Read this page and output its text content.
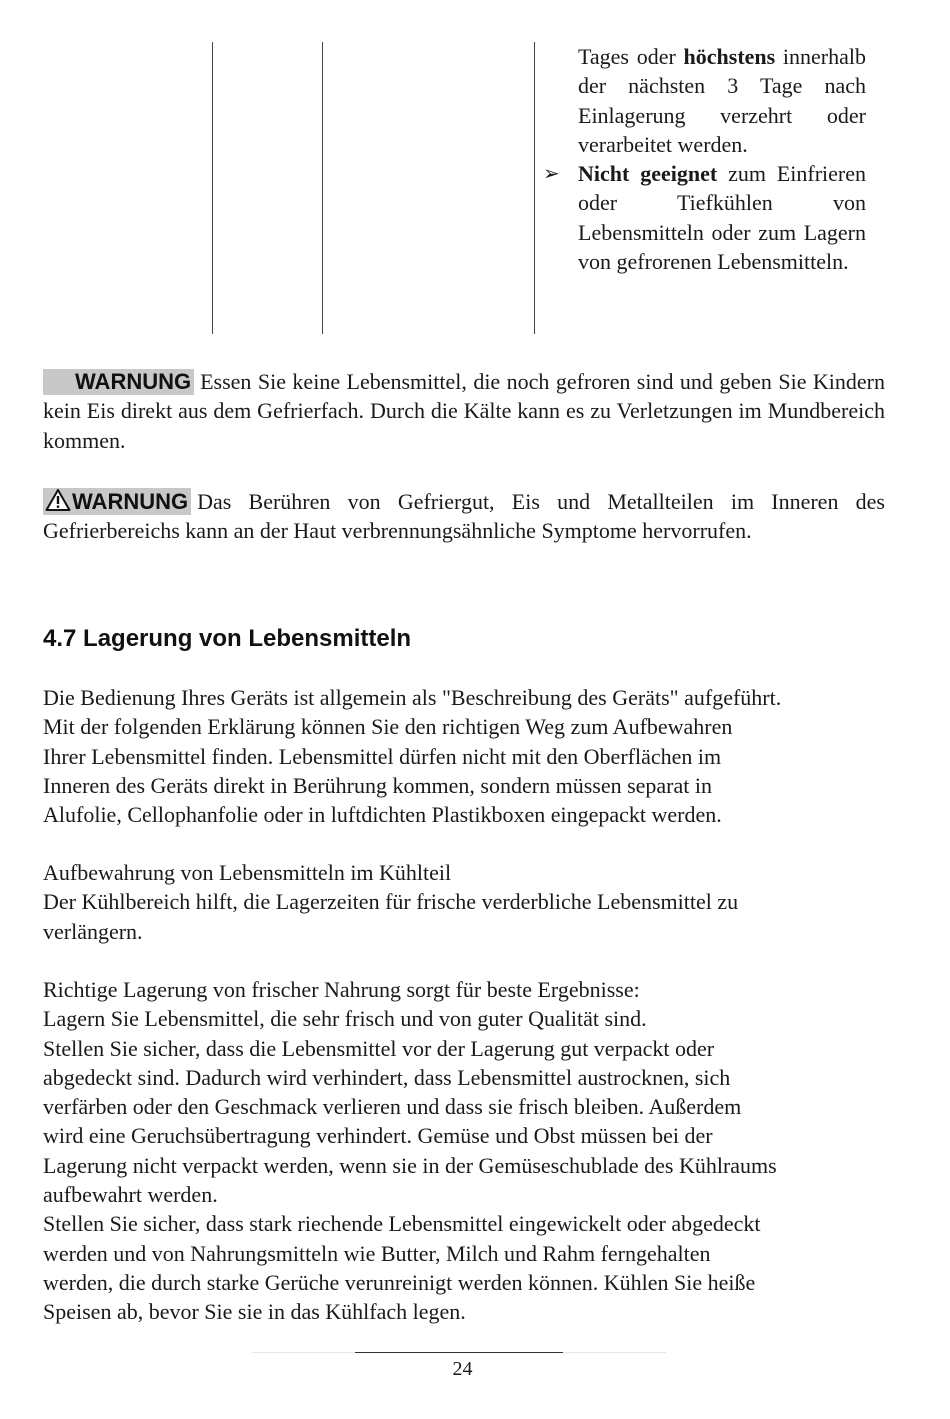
Tages oder höchstens innerhalb der nächsten 3 Tage nach Einlagerung verzehrt oder verarbeitet werden.
➢ Nicht geeignet zum Einfrieren oder Tiefkühlen von Lebensmitteln oder zum Lagern von gefrorenen Lebensmitteln.
WARNUNG Essen Sie keine Lebensmittel, die noch gefroren sind und geben Sie Kindern kein Eis direkt aus dem Gefrierfach. Durch die Kälte kann es zu Verletzungen im Mundbereich kommen.
WARNUNG Das Berühren von Gefriergut, Eis und Metallteilen im Inneren des Gefrierbereichs kann an der Haut verbrennungsähnliche Symptome hervorrufen.
4.7 Lagerung von Lebensmitteln
Die Bedienung Ihres Geräts ist allgemein als "Beschreibung des Geräts" aufgeführt.
Mit der folgenden Erklärung können Sie den richtigen Weg zum Aufbewahren
Ihrer Lebensmittel finden. Lebensmittel dürfen nicht mit den Oberflächen im
Inneren des Geräts direkt in Berührung kommen, sondern müssen separat in
Alufolie, Cellophanfolie oder in luftdichten Plastikboxen eingepackt werden.
Aufbewahrung von Lebensmitteln im Kühlteil
Der Kühlbereich hilft, die Lagerzeiten für frische verderbliche Lebensmittel zu
verlängern.
Richtige Lagerung von frischer Nahrung sorgt für beste Ergebnisse:
Lagern Sie Lebensmittel, die sehr frisch und von guter Qualität sind.
Stellen Sie sicher, dass die Lebensmittel vor der Lagerung gut verpackt oder
abgedeckt sind. Dadurch wird verhindert, dass Lebensmittel austrocknen, sich
verfärben oder den Geschmack verlieren und dass sie frisch bleiben. Außerdem
wird eine Geruchsübertragung verhindert. Gemüse und Obst müssen bei der
Lagerung nicht verpackt werden, wenn sie in der Gemüseschublade des Kühlraums
aufbewahrt werden.
Stellen Sie sicher, dass stark riechende Lebensmittel eingewickelt oder abgedeckt
werden und von Nahrungsmitteln wie Butter, Milch und Rahm ferngehalten
werden, die durch starke Gerüche verunreinigt werden können. Kühlen Sie heiße
Speisen ab, bevor Sie sie in das Kühlfach legen.
24
